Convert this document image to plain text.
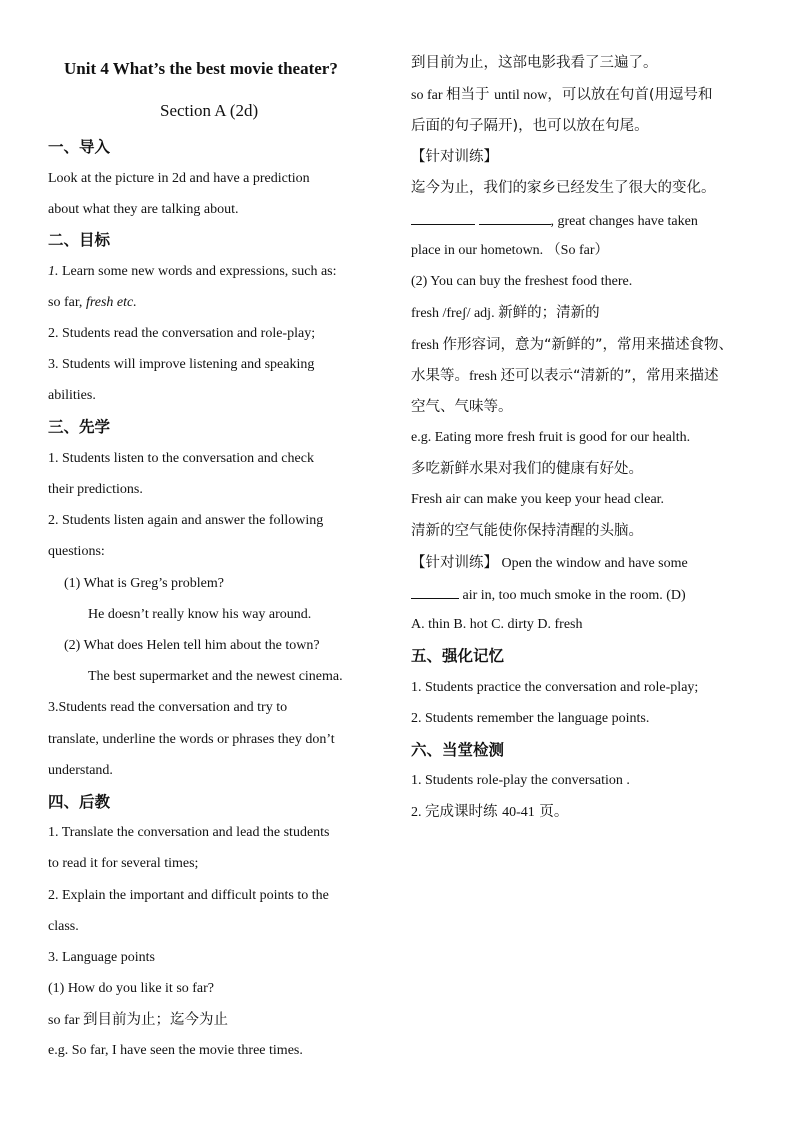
Unit 4 What’s the best movie theater?
Section A (2d)
一、导入
Look at the picture in 2d and have a prediction
about what they are talking about.
二、目标
1. Learn some new words and expressions, such as:
so far, fresh etc.
2. Students read the conversation and role-play;
3. Students will improve listening and speaking
abilities.
三、先学
1. Students listen to the conversation and check
their predictions.
2. Students listen again and answer the following
questions:
(1) What is Greg’s problem?
He doesn’t really know his way around.
(2) What does Helen tell him about the town?
The best supermarket and the newest cinema.
3.Students read the conversation and try to
translate, underline the words or phrases they don’t
understand.
四、后教
1. Translate the conversation and lead the students
to read it for several times;
2. Explain the important and difficult points to the
class.
3. Language points
(1) How do you like it so far?
so far 到目前为止；迄今为止
e.g. So far, I have seen the movie three times.
到目前为止，这部电影我看了三遍了。
so far 相当于 until now，可以放在句首(用逗号和
后面的句子隔开)，也可以放在句尾。
【针对训练】
迄今为止，我们的家乡已经发生了很大的变化。
, great changes have taken
place in our hometown. （So far）
(2) You can buy the freshest food there.
fresh /freʃ/ adj. 新鲜的；清新的
fresh 作形容词，意为“新鲜的”，常用来描述食物、
水果等。fresh 还可以表示“清新的”，常用来描述
空气、气味等。
e.g. Eating more fresh fruit is good for our health.
多吃新鲜水果对我们的健康有好处。
Fresh air can make you keep your head clear.
清新的空气能使你保持清醒的头脑。
【针对训练】 Open the window and have some
air in, too much smoke in the room. (D)
A. thin B. hot C. dirty D. fresh
五、强化记忆
1. Students practice the conversation and role-play;
2. Students remember the language points.
六、当堂检测
1. Students role-play the conversation .
2. 完成课时练 40-41 页。
